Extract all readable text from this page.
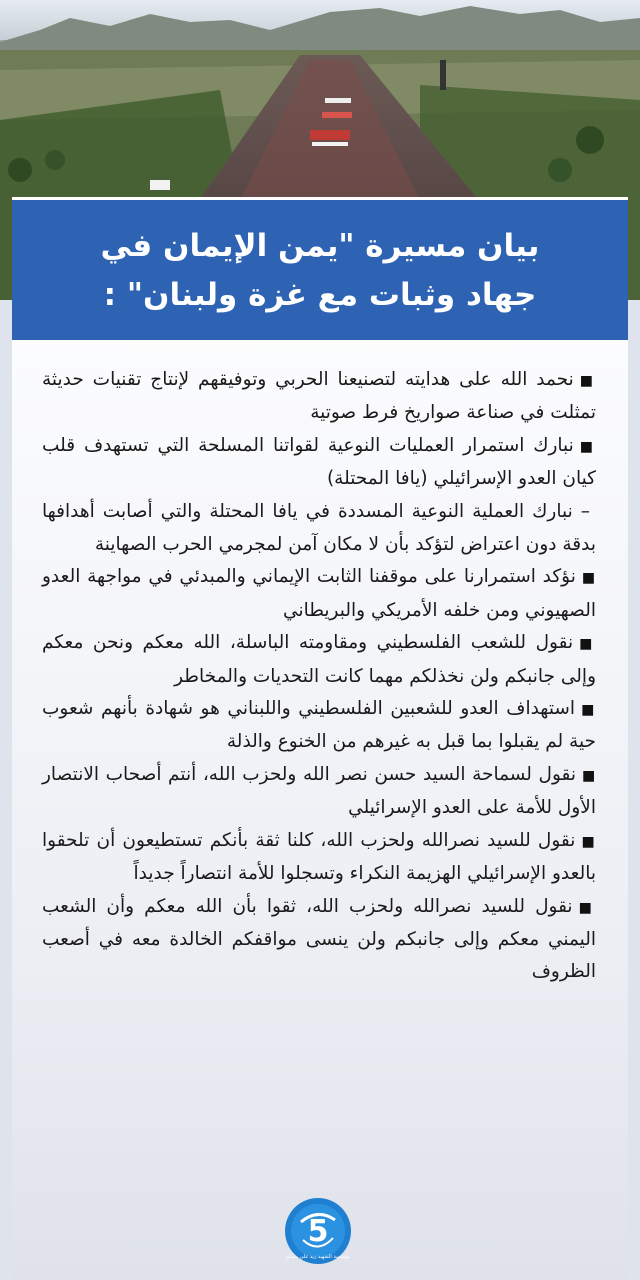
بيان مسيرة "يمن الإيمان في
جهاد وثبات مع غزة ولبنان" :

■نحمد الله على هدايته لتصنيعنا الحربي وتوفيقهم لإنتاج تقنيات حديثة تمثلت في صناعة صواريخ فرط صوتية

■نبارك استمرار العمليات النوعية لقواتنا المسلحة التي تستهدف قلب كيان العدو الإسرائيلي (يافا المحتلة)

– نبارك العملية النوعية المسددة في يافا المحتلة والتي أصابت أهدافها بدقة دون اعتراض لتؤكد بأن لا مكان آمن لمجرمي الحرب الصهاينة

■نؤكد استمرارنا على موقفنا الثابت الإيماني والمبدئي في مواجهة العدو الصهيوني ومن خلفه الأمريكي والبريطاني

■نقول للشعب الفلسطيني ومقاومته الباسلة، الله معكم ونحن معكم وإلى جانبكم ولن نخذلكم مهما كانت التحديات والمخاطر

■استهداف العدو للشعبين الفلسطيني واللبناني هو شهادة بأنهم شعوب حية لم يقبلوا بما قبل به غيرهم من الخنوع والذلة

■نقول لسماحة السيد حسن نصر الله ولحزب الله، أنتم أصحاب الانتصار الأول للأمة على العدو الإسرائيلي

■نقول للسيد نصرالله ولحزب الله، كلنا ثقة بأنكم تستطيعون أن تلحقوا بالعدو الإسرائيلي الهزيمة النكراء وتسجلوا للأمة انتصاراً جديداً

■نقول للسيد نصرالله ولحزب الله، ثقوا بأن الله معكم وأن الشعب اليمني معكم وإلى جانبكم ولن ينسى مواقفكم الخالدة معه في أصعب الظروف

5
مؤسسة الشهيد زيد علي مصلح
